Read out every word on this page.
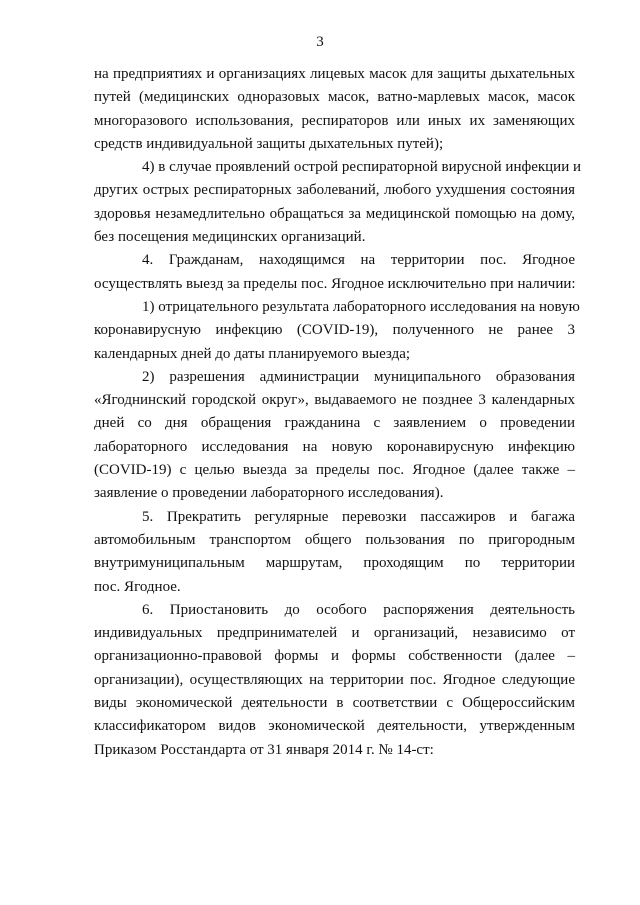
3
на предприятиях и организациях лицевых масок для защиты дыхательных
путей (медицинских одноразовых масок, ватно-марлевых масок, масок
многоразового использования, респираторов или иных их заменяющих
средств индивидуальной защиты дыхательных путей);
4) в случае проявлений острой респираторной вирусной инфекции и
других острых респираторных заболеваний, любого ухудшения состояния
здоровья незамедлительно обращаться за медицинской помощью на дому,
без посещения медицинских организаций.
4. Гражданам, находящимся на территории пос. Ягодное
осуществлять выезд за пределы пос. Ягодное исключительно при наличии:
1) отрицательного результата лабораторного исследования на новую
коронавирусную инфекцию (COVID-19), полученного не ранее 3
календарных дней до даты планируемого выезда;
2) разрешения администрации муниципального образования
«Ягоднинский городской округ», выдаваемого не позднее 3 календарных
дней со дня обращения гражданина с заявлением о проведении
лабораторного исследования на новую коронавирусную инфекцию
(COVID-19) с целью выезда за пределы пос. Ягодное (далее также –
заявление о проведении лабораторного исследования).
5. Прекратить регулярные перевозки пассажиров и багажа
автомобильным транспортом общего пользования по пригородным
внутримуниципальным маршрутам, проходящим по территории
пос. Ягодное.
6. Приостановить до особого распоряжения деятельность
индивидуальных предпринимателей и организаций, независимо от
организационно-правовой формы и формы собственности (далее –
организации), осуществляющих на территории пос. Ягодное следующие
виды экономической деятельности в соответствии с Общероссийским
классификатором видов экономической деятельности, утвержденным
Приказом Росстандарта от 31 января 2014 г. № 14-ст:
